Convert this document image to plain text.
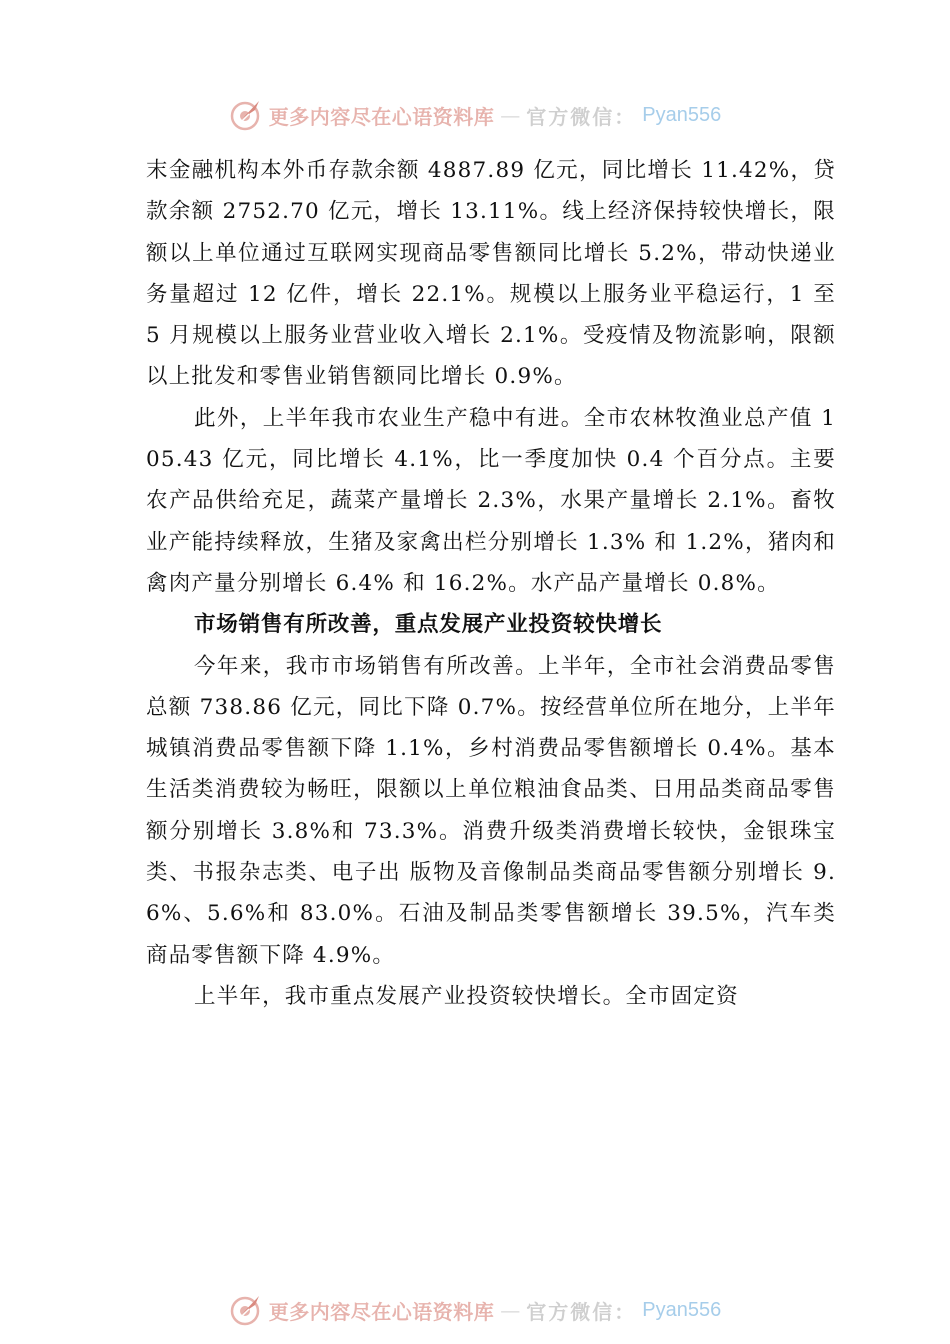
更多内容尽在心语资料库 — 官方微信： Pyan556

末金融机构本外币存款余额 4887.89 亿元，同比增长 11.42%，贷款余额 2752.70 亿元，增长 13.11%。线上经济保持较快增长，限额以上单位通过互联网实现商品零售额同比增长 5.2%，带动快递业务量超过 12 亿件，增长 22.1%。规模以上服务业平稳运行，1 至 5 月规模以上服务业营业收入增长 2.1%。受疫情及物流影响，限额以上批发和零售业销售额同比增长 0.9%。

此外，上半年我市农业生产稳中有进。全市农林牧渔业总产值 105.43 亿元，同比增长 4.1%，比一季度加快 0.4 个百分点。主要农产品供给充足，蔬菜产量增长 2.3%，水果产量增长 2.1%。畜牧业产能持续释放，生猪及家禽出栏分别增长 1.3% 和 1.2%，猪肉和禽肉产量分别增长 6.4% 和 16.2%。水产品产量增长 0.8%。

市场销售有所改善，重点发展产业投资较快增长

今年来，我市市场销售有所改善。上半年，全市社会消费品零售总额 738.86 亿元，同比下降 0.7%。按经营单位所在地分，上半年城镇消费品零售额下降 1.1%，乡村消费品零售额增长 0.4%。基本生活类消费较为畅旺，限额以上单位粮油食品类、日用品类商品零售额分别增长 3.8%和 73.3%。消费升级类消费增长较快，金银珠宝类、书报杂志类、电子出 版物及音像制品类商品零售额分别增长 9.6%、5.6%和 83.0%。石油及制品类零售额增长 39.5%，汽车类商品零售额下降 4.9%。

上半年，我市重点发展产业投资较快增长。全市固定资

更多内容尽在心语资料库 — 官方微信： Pyan556
